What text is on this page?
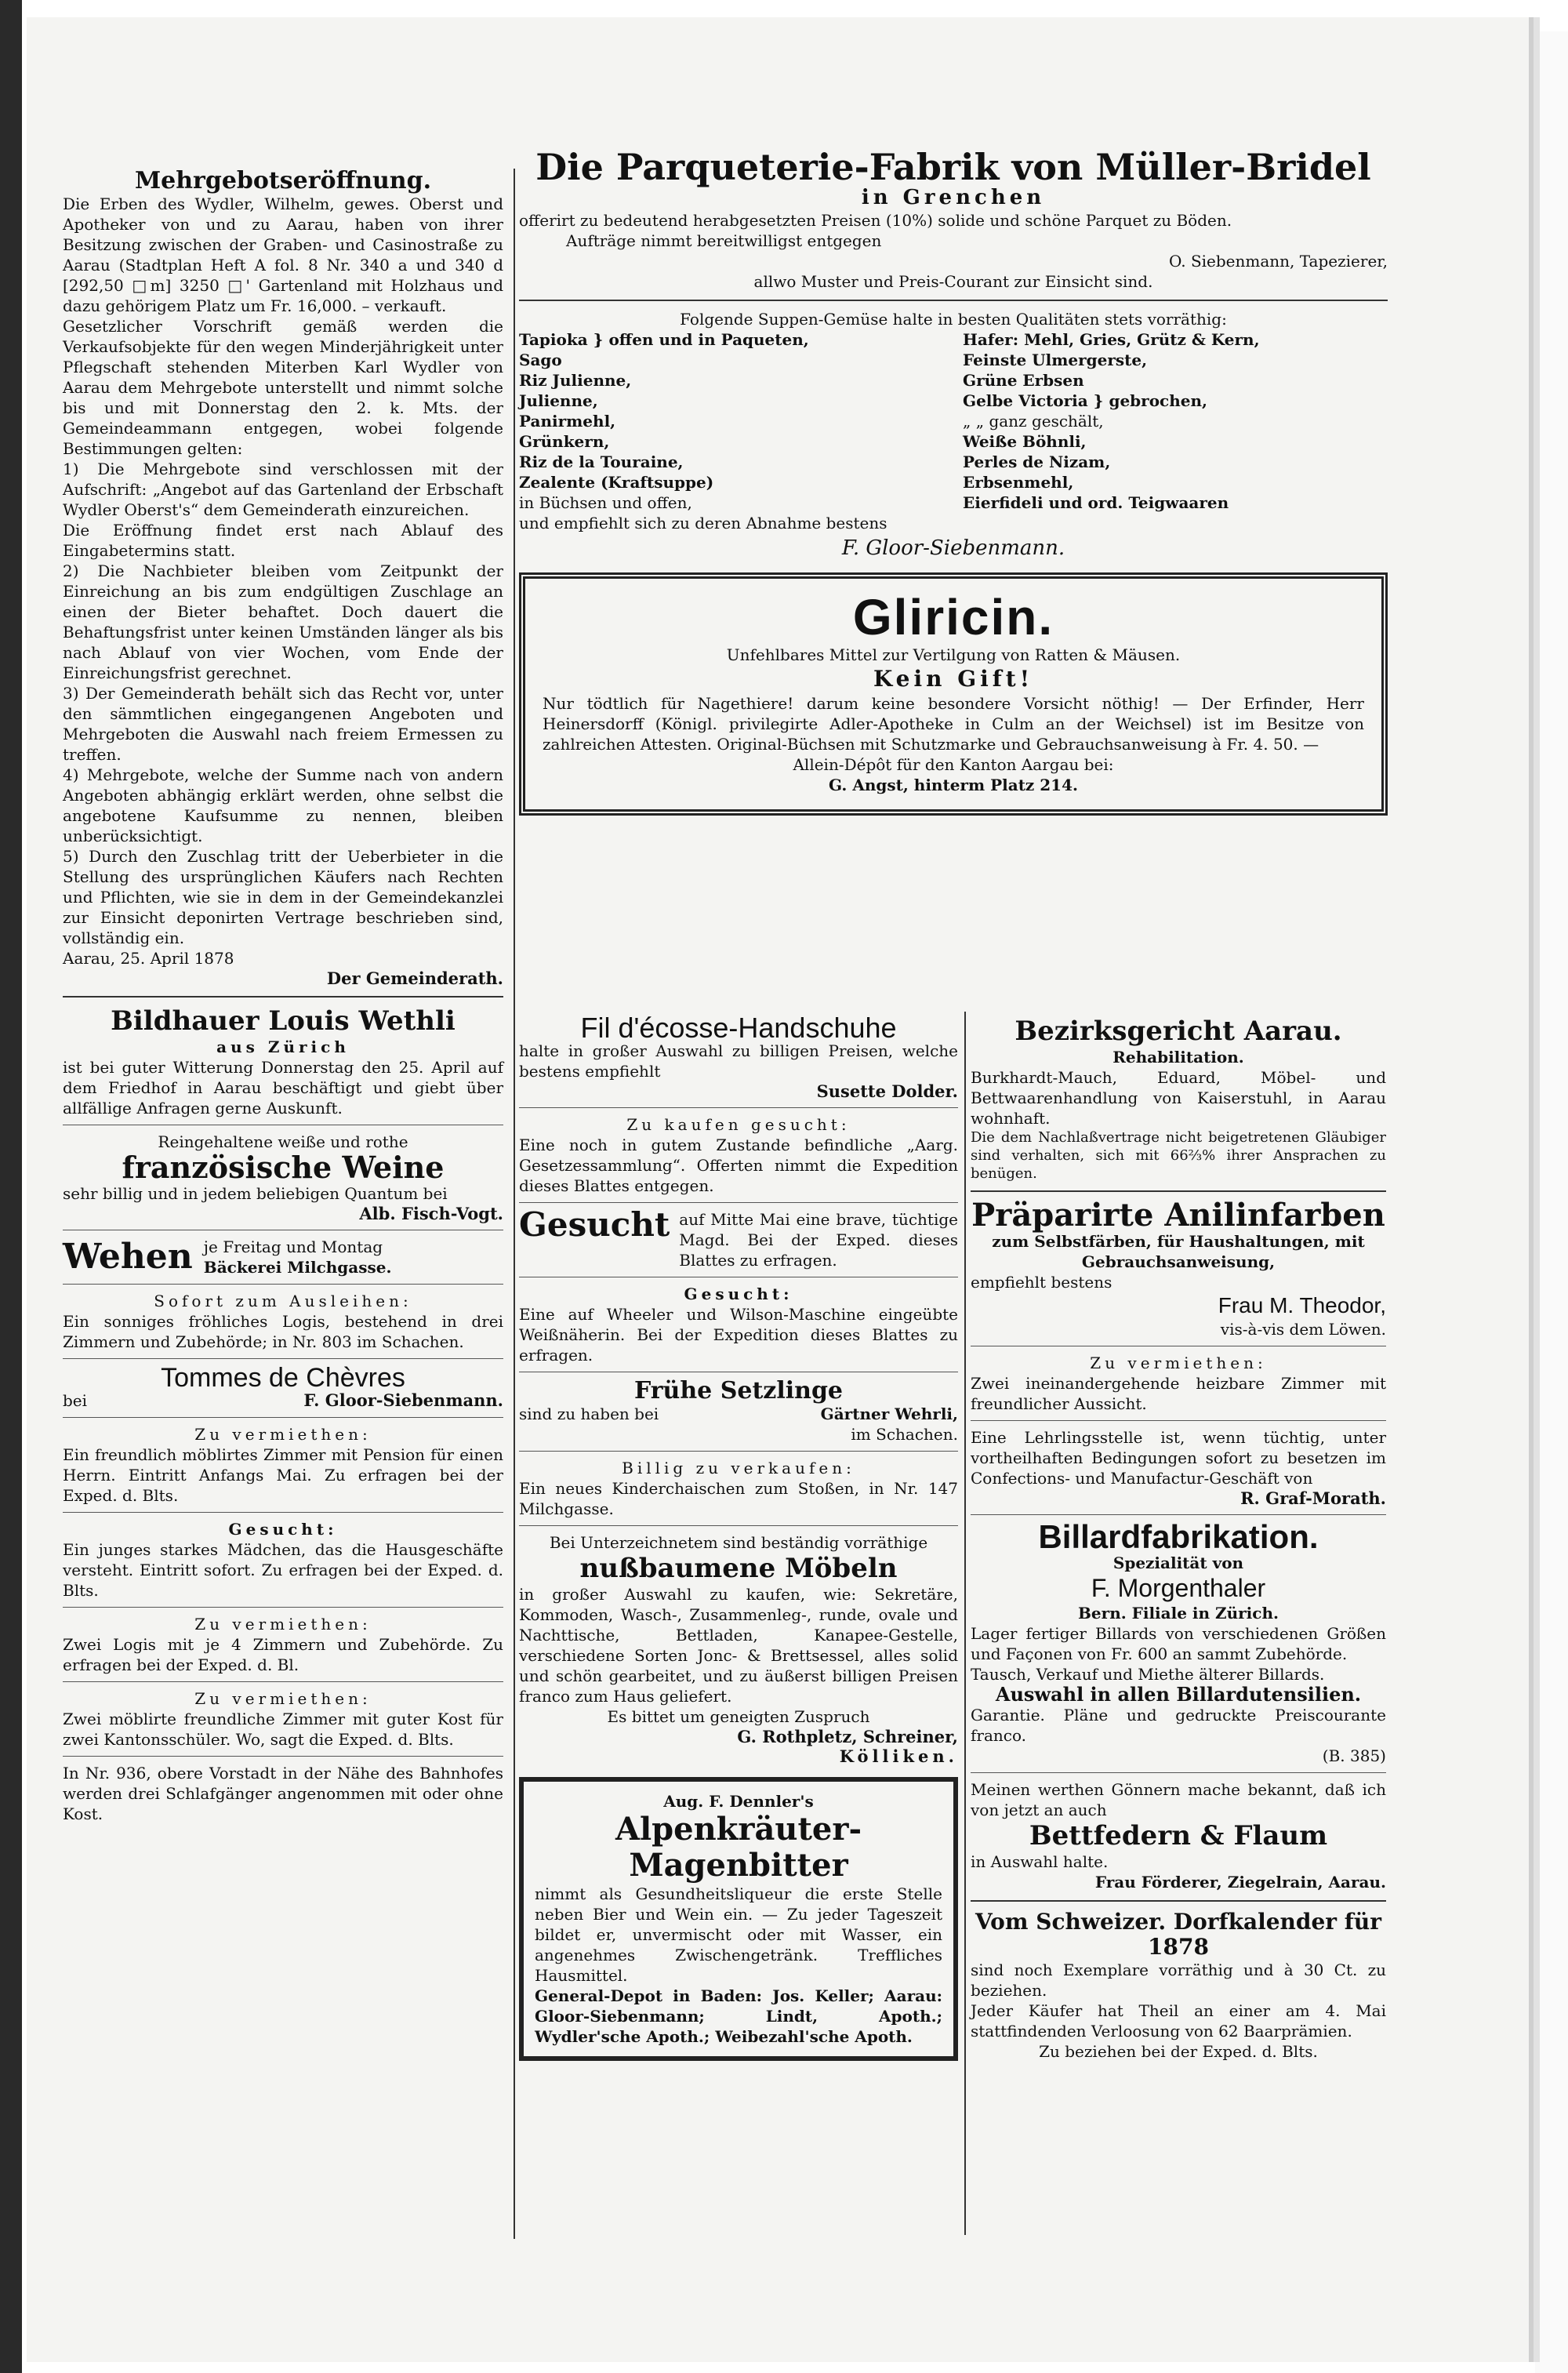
Mehrgebotseröffnung.

Die Erben des Wydler, Wilhelm, gewes. Oberst und Apotheker von und zu Aarau, haben von ihrer Besitzung zwischen der Graben- und Casinostraße zu Aarau (Stadtplan Heft A fol. 8 Nr. 340 a und 340 d [292,50 □m] 3250 □' Gartenland mit Holzhaus und dazu gehörigem Platz um Fr. 16,000. – verkauft.

Gesetzlicher Vorschrift gemäß werden die Verkaufsobjekte für den wegen Minderjährigkeit unter Pflegschaft stehenden Miterben Karl Wydler von Aarau dem Mehrgebote unterstellt und nimmt solche bis und mit Donnerstag den 2. k. Mts. der Gemeindeammann entgegen, wobei folgende Bestimmungen gelten:

1) Die Mehrgebote sind verschlossen mit der Aufschrift: „Angebot auf das Gartenland der Erbschaft Wydler Oberst's“ dem Gemeinderath einzureichen.

Die Eröffnung findet erst nach Ablauf des Eingabetermins statt.

2) Die Nachbieter bleiben vom Zeitpunkt der Einreichung an bis zum endgültigen Zuschlage an einen der Bieter behaftet. Doch dauert die Behaftungsfrist unter keinen Umständen länger als bis nach Ablauf von vier Wochen, vom Ende der Einreichungsfrist gerechnet.

3) Der Gemeinderath behält sich das Recht vor, unter den sämmtlichen eingegangenen Angeboten und Mehrgeboten die Auswahl nach freiem Ermessen zu treffen.

4) Mehrgebote, welche der Summe nach von andern Angeboten abhängig erklärt werden, ohne selbst die angebotene Kaufsumme zu nennen, bleiben unberücksichtigt.

5) Durch den Zuschlag tritt der Ueberbieter in die Stellung des ursprünglichen Käufers nach Rechten und Pflichten, wie sie in dem in der Gemeindekanzlei zur Einsicht deponirten Vertrage beschrieben sind, vollständig ein.

Aarau, 25. April 1878

Der Gemeinderath.

Bildhauer Louis Wethli

aus Zürich

ist bei guter Witterung Donnerstag den 25. April auf dem Friedhof in Aarau beschäftigt und giebt über allfällige Anfragen gerne Auskunft.

Reingehaltene weiße und rothe

französische Weine

sehr billig und in jedem beliebigen Quantum bei

Alb. Fisch-Vogt.

Wehen je Freitag und Montag

Bäckerei Milchgasse.

Sofort zum Ausleihen:

Ein sonniges fröhliches Logis, bestehend in drei Zimmern und Zubehörde; in Nr. 803 im Schachen.

Tommes de Chèvres
bei	F. Gloor-Siebenmann.

Zu vermiethen:

Ein freundlich möblirtes Zimmer mit Pension für einen Herrn. Eintritt Anfangs Mai. Zu erfragen bei der Exped. d. Blts.

Gesucht:

Ein junges starkes Mädchen, das die Hausgeschäfte versteht. Eintritt sofort. Zu erfragen bei der Exped. d. Blts.

Zu vermiethen:

Zwei Logis mit je 4 Zimmern und Zubehörde. Zu erfragen bei der Exped. d. Bl.

Zu vermiethen:

Zwei möblirte freundliche Zimmer mit guter Kost für zwei Kantonsschüler. Wo, sagt die Exped. d. Blts.

In Nr. 936, obere Vorstadt in der Nähe des Bahnhofes werden drei Schlafgänger angenommen mit oder ohne Kost.

Die Parqueterie-Fabrik von Müller-Bridel
in Grenchen

offerirt zu bedeutend herabgesetzten Preisen (10%) solide und schöne Parquet zu Böden.

Aufträge nimmt bereitwilligst entgegen

O. Siebenmann, Tapezierer,

allwo Muster und Preis-Courant zur Einsicht sind.

Folgende Suppen-Gemüse halte in besten Qualitäten stets vorräthig:

Tapioka } offen und in Paqueten,

Sago

Riz Julienne,

Julienne,

Panirmehl,

Grünkern,

Riz de la Touraine,

Zealente (Kraftsuppe)

in Büchsen und offen,

und empfiehlt sich zu deren Abnahme bestens

Hafer: Mehl, Gries, Grütz & Kern,

Feinste Ulmergerste,

Grüne Erbsen

Gelbe Victoria } gebrochen,

„ „ ganz geschält,

Weiße Böhnli,

Perles de Nizam,

Erbsenmehl,

Eierfideli und ord. Teigwaaren

F. Gloor-Siebenmann.

Gliricin.

Unfehlbares Mittel zur Vertilgung von Ratten & Mäusen.

Kein Gift!

Nur tödtlich für Nagethiere! darum keine besondere Vorsicht nöthig! — Der Erfinder, Herr Heinersdorff (Königl. privilegirte Adler-Apotheke in Culm an der Weichsel) ist im Besitze von zahlreichen Attesten. Original-Büchsen mit Schutzmarke und Gebrauchsanweisung à Fr. 4. 50. —

Allein-Dépôt für den Kanton Aargau bei:

G. Angst, hinterm Platz 214.

Fil d'écosse-Handschuhe

halte in großer Auswahl zu billigen Preisen, welche bestens empfiehlt

Susette Dolder.

Zu kaufen gesucht:

Eine noch in gutem Zustande befindliche „Aarg. Gesetzessammlung“. Offerten nimmt die Expedition dieses Blattes entgegen.

Gesucht auf Mitte Mai eine brave, tüchtige Magd. Bei der Exped. dieses Blattes zu erfragen.

Gesucht:

Eine auf Wheeler und Wilson-Maschine eingeübte Weißnäherin. Bei der Expedition dieses Blattes zu erfragen.

Frühe Setzlinge
sind zu haben bei	Gärtner Wehrli,

im Schachen.

Billig zu verkaufen:

Ein neues Kinderchaischen zum Stoßen, in Nr. 147 Milchgasse.

Bei Unterzeichnetem sind beständig vorräthige

nußbaumene Möbeln

in großer Auswahl zu kaufen, wie: Sekretäre, Kommoden, Wasch-, Zusammenleg-, runde, ovale und Nachttische, Bettladen, Kanapee-Gestelle, verschiedene Sorten Jonc- & Brettsessel, alles solid und schön gearbeitet, und zu äußerst billigen Preisen franco zum Haus geliefert.

Es bittet um geneigten Zuspruch

G. Rothpletz, Schreiner,

Kölliken.

Aug. F. Dennler's

Alpenkräuter-Magenbitter

nimmt als Gesundheitsliqueur die erste Stelle neben Bier und Wein ein. — Zu jeder Tageszeit bildet er, unvermischt oder mit Wasser, ein angenehmes Zwischengetränk. Treffliches Hausmittel.

General-Depot in Baden: Jos. Keller; Aarau: Gloor-Siebenmann; Lindt, Apoth.; Wydler'sche Apoth.; Weibezahl'sche Apoth.

Bezirksgericht Aarau.

Rehabilitation.

Burkhardt-Mauch, Eduard, Möbel- und Bettwaarenhandlung von Kaiserstuhl, in Aarau wohnhaft.

Die dem Nachlaßvertrage nicht beigetretenen Gläubiger sind verhalten, sich mit 66⅔% ihrer Ansprachen zu benügen.

Präparirte Anilinfarben

zum Selbstfärben, für Haushaltungen, mit Gebrauchsanweisung,

empfiehlt bestens

Frau M. Theodor,

vis-à-vis dem Löwen.

Zu vermiethen:

Zwei ineinandergehende heizbare Zimmer mit freundlicher Aussicht.

Eine Lehrlingsstelle ist, wenn tüchtig, unter vortheilhaften Bedingungen sofort zu besetzen im Confections- und Manufactur-Geschäft von

R. Graf-Morath.

Billardfabrikation.

Spezialität von

F. Morgenthaler

Bern. Filiale in Zürich.

Lager fertiger Billards von verschiedenen Größen und Façonen von Fr. 600 an sammt Zubehörde.

Tausch, Verkauf und Miethe älterer Billards.

Auswahl in allen Billardutensilien.

Garantie. Pläne und gedruckte Preiscourante franco.

(B. 385)

Meinen werthen Gönnern mache bekannt, daß ich von jetzt an auch

Bettfedern & Flaum

in Auswahl halte.

Frau Förderer, Ziegelrain, Aarau.

Vom Schweizer. Dorfkalender für 1878

sind noch Exemplare vorräthig und à 30 Ct. zu beziehen.

Jeder Käufer hat Theil an einer am 4. Mai stattfindenden Verloosung von 62 Baarprämien.

Zu beziehen bei der Exped. d. Blts.
